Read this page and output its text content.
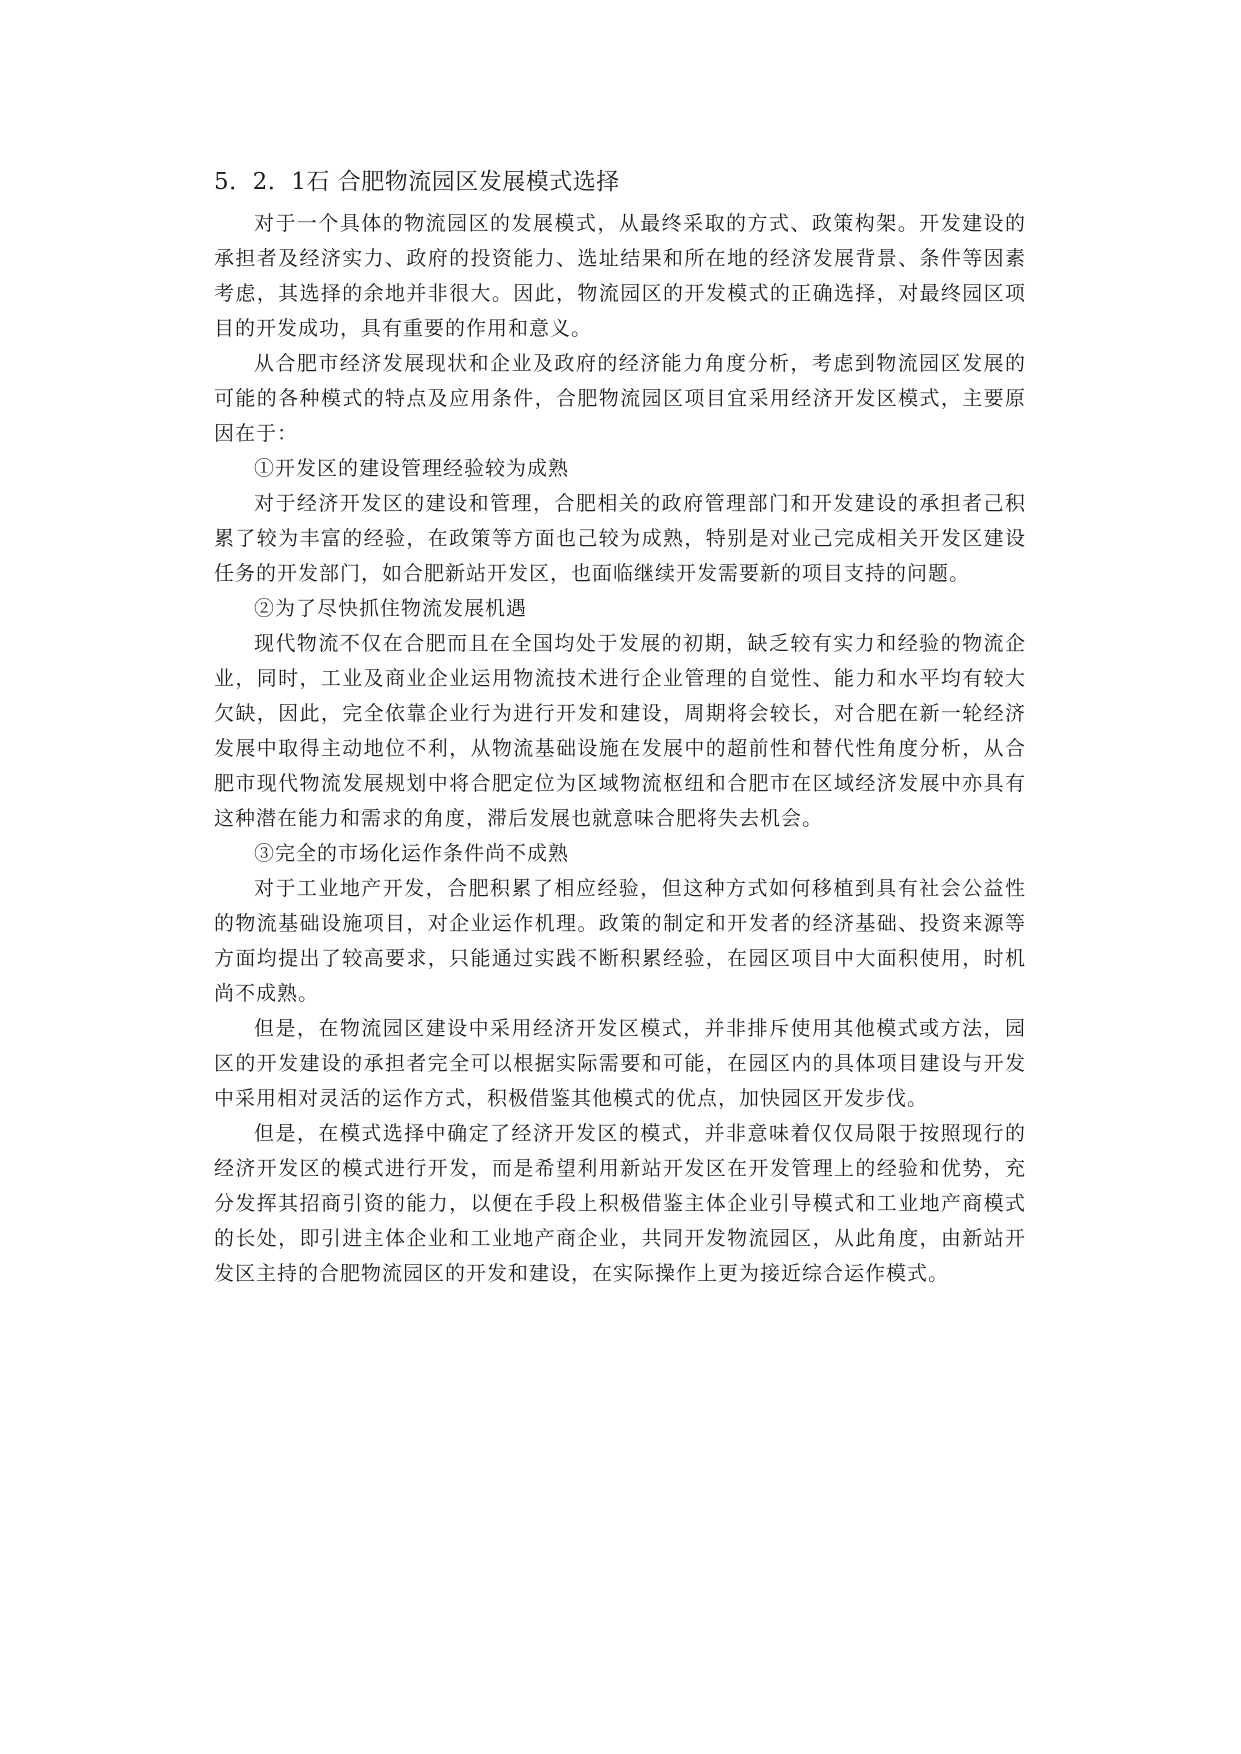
5．2．1石 合肥物流园区发展模式选择

对于一个具体的物流园区的发展模式，从最终采取的方式、政策构架。开发建设的承担者及经济实力、政府的投资能力、选址结果和所在地的经济发展背景、条件等因素考虑，其选择的余地并非很大。因此，物流园区的开发模式的正确选择，对最终园区项目的开发成功，具有重要的作用和意义。

从合肥市经济发展现状和企业及政府的经济能力角度分析，考虑到物流园区发展的可能的各种模式的特点及应用条件，合肥物流园区项目宜采用经济开发区模式，主要原因在于：

①开发区的建设管理经验较为成熟

对于经济开发区的建设和管理，合肥相关的政府管理部门和开发建设的承担者己积累了较为丰富的经验，在政策等方面也己较为成熟，特别是对业己完成相关开发区建设任务的开发部门，如合肥新站开发区，也面临继续开发需要新的项目支持的问题。

②为了尽快抓住物流发展机遇

现代物流不仅在合肥而且在全国均处于发展的初期，缺乏较有实力和经验的物流企业，同时，工业及商业企业运用物流技术进行企业管理的自觉性、能力和水平均有较大欠缺，因此，完全依靠企业行为进行开发和建设，周期将会较长，对合肥在新一轮经济发展中取得主动地位不利，从物流基础设施在发展中的超前性和替代性角度分析，从合肥市现代物流发展规划中将合肥定位为区域物流枢纽和合肥市在区域经济发展中亦具有这种潜在能力和需求的角度，滞后发展也就意味合肥将失去机会。

③完全的市场化运作条件尚不成熟

对于工业地产开发，合肥积累了相应经验，但这种方式如何移植到具有社会公益性的物流基础设施项目，对企业运作机理。政策的制定和开发者的经济基础、投资来源等方面均提出了较高要求，只能通过实践不断积累经验，在园区项目中大面积使用，时机尚不成熟。

但是，在物流园区建设中采用经济开发区模式，并非排斥使用其他模式或方法，园区的开发建设的承担者完全可以根据实际需要和可能，在园区内的具体项目建设与开发中采用相对灵活的运作方式，积极借鉴其他模式的优点，加快园区开发步伐。

但是，在模式选择中确定了经济开发区的模式，并非意味着仅仅局限于按照现行的经济开发区的模式进行开发，而是希望利用新站开发区在开发管理上的经验和优势，充分发挥其招商引资的能力，以便在手段上积极借鉴主体企业引导模式和工业地产商模式的长处，即引进主体企业和工业地产商企业，共同开发物流园区，从此角度，由新站开发区主持的合肥物流园区的开发和建设，在实际操作上更为接近综合运作模式。
